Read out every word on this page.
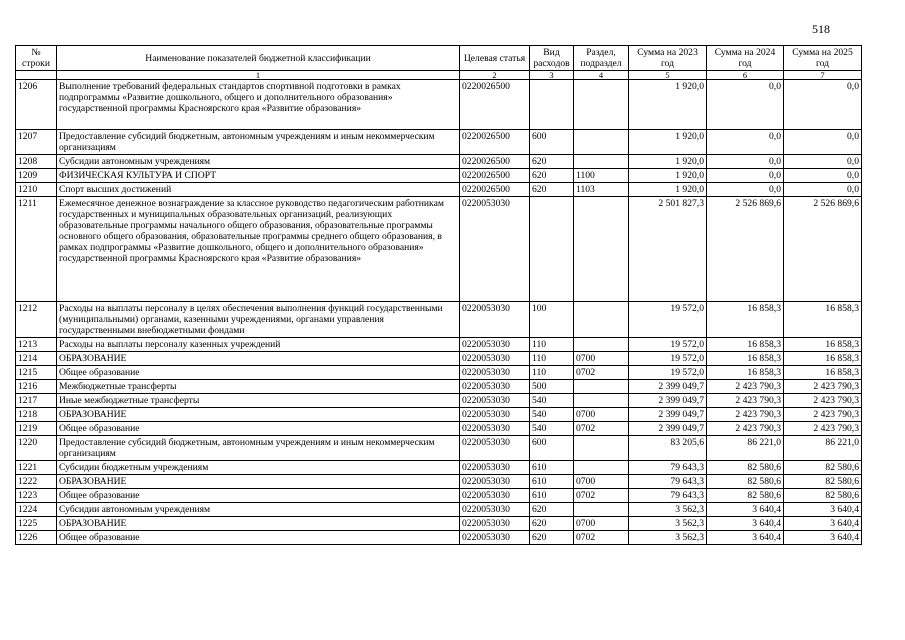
518
№ строки	Наименование показателей бюджетной классификации	Целевая статья	Вид расходов	Раздел, подраздел	Сумма на 2023 год	Сумма на 2024 год	Сумма на 2025 год
	1	2	3	4	5	6	7
1206	Выполнение требований федеральных стандартов спортивной подготовки в рамках подпрограммы «Развитие дошкольного, общего и дополнительного образования» государственной программы Красноярского края «Развитие образования»	0220026500			1 920,0	0,0	0,0
1207	Предоставление субсидий бюджетным, автономным учреждениям и иным некоммерческим организациям	0220026500	600		1 920,0	0,0	0,0
1208	Субсидии автономным учреждениям	0220026500	620		1 920,0	0,0	0,0
1209	ФИЗИЧЕСКАЯ КУЛЬТУРА И СПОРТ	0220026500	620	1100	1 920,0	0,0	0,0
1210	Спорт высших достижений	0220026500	620	1103	1 920,0	0,0	0,0
1211	Ежемесячное денежное вознаграждение за классное руководство педагогическим работникам государственных и муниципальных образовательных организаций, реализующих образовательные программы начального общего образования, образовательные программы основного общего образования, образовательные программы среднего общего образования, в рамках подпрограммы «Развитие дошкольного, общего и дополнительного образования» государственной программы Красноярского края «Развитие образования»	0220053030			2 501 827,3	2 526 869,6	2 526 869,6
1212	Расходы на выплаты персоналу в целях обеспечения выполнения функций государственными (муниципальными) органами, казенными учреждениями, органами управления государственными внебюджетными фондами	0220053030	100		19 572,0	16 858,3	16 858,3
1213	Расходы на выплаты персоналу казенных учреждений	0220053030	110		19 572,0	16 858,3	16 858,3
1214	ОБРАЗОВАНИЕ	0220053030	110	0700	19 572,0	16 858,3	16 858,3
1215	Общее образование	0220053030	110	0702	19 572,0	16 858,3	16 858,3
1216	Межбюджетные трансферты	0220053030	500		2 399 049,7	2 423 790,3	2 423 790,3
1217	Иные межбюджетные трансферты	0220053030	540		2 399 049,7	2 423 790,3	2 423 790,3
1218	ОБРАЗОВАНИЕ	0220053030	540	0700	2 399 049,7	2 423 790,3	2 423 790,3
1219	Общее образование	0220053030	540	0702	2 399 049,7	2 423 790,3	2 423 790,3
1220	Предоставление субсидий бюджетным, автономным учреждениям и иным некоммерческим организациям	0220053030	600		83 205,6	86 221,0	86 221,0
1221	Субсидии бюджетным учреждениям	0220053030	610		79 643,3	82 580,6	82 580,6
1222	ОБРАЗОВАНИЕ	0220053030	610	0700	79 643,3	82 580,6	82 580,6
1223	Общее образование	0220053030	610	0702	79 643,3	82 580,6	82 580,6
1224	Субсидии автономным учреждениям	0220053030	620		3 562,3	3 640,4	3 640,4
1225	ОБРАЗОВАНИЕ	0220053030	620	0700	3 562,3	3 640,4	3 640,4
1226	Общее образование	0220053030	620	0702	3 562,3	3 640,4	3 640,4
